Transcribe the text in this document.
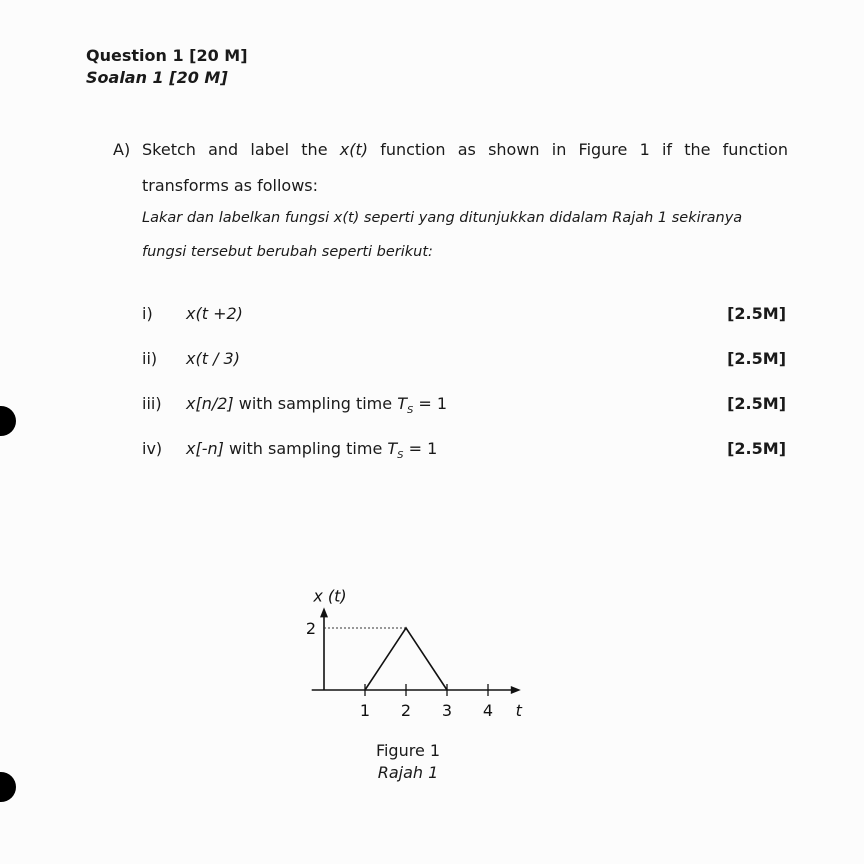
Question 1 [20 M]
Soalan 1 [20 M]
A) Sketch and label the x(t) function as shown in Figure 1 if the function
transforms as follows:
Lakar dan labelkan fungsi x(t) seperti yang ditunjukkan didalam Rajah 1 sekiranya
fungsi tersebut berubah seperti berikut:
i) x(t +2)	[2.5M]
ii) x(t / 3)	[2.5M]
iii) x[n/2] with sampling time $T_S = 1$	[2.5M]
iv) x[-n] with sampling time $T_S = 1$	[2.5M]
1 2 3 4 t
2
x (t)
Figure 1
Rajah 1
